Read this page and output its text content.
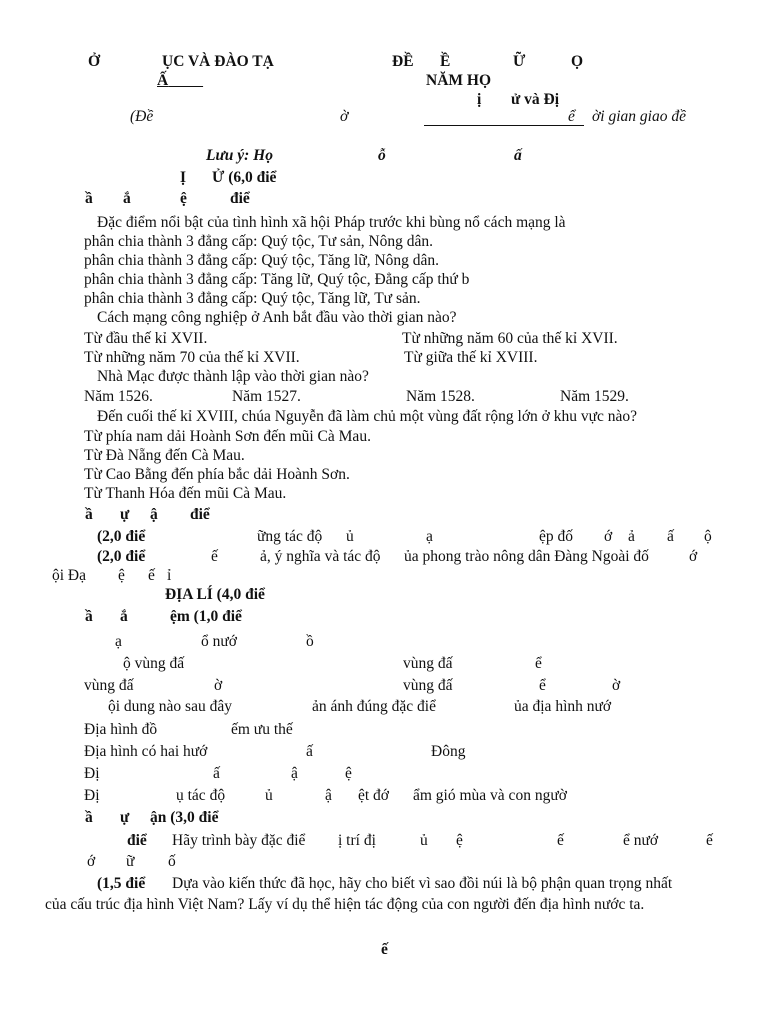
Ở	ỤC VÀ ĐÀO TẠ	ĐỀ Ề	Ữ	Ọ
Ấ	NĂM HỌ
ị ử và Đị
(Đề	ờ	ể ời gian giao đề
Lưu ý: Họ	ỗ	ấ
Ị Ử (6,0 điể
ầ ắ	ệ	điể
Đặc điểm nổi bật của tình hình xã hội Pháp trước khi bùng nổ cách mạng là
phân chia thành 3 đẳng cấp: Quý tộc, Tư sản, Nông dân.
phân chia thành 3 đẳng cấp: Quý tộc, Tăng lữ, Nông dân.
phân chia thành 3 đẳng cấp: Tăng lữ, Quý tộc, Đẳng cấp thứ b
phân chia thành 3 đẳng cấp: Quý tộc, Tăng lữ, Tư sản.
Cách mạng công nghiệp ở Anh bắt đầu vào thời gian nào?
Từ đầu thế kỉ XVII.	Từ những năm 60 của thế kỉ XVII.
Từ những năm 70 của thế kỉ XVII.	Từ giữa thế kỉ XVIII.
Nhà Mạc được thành lập vào thời gian nào?
Năm 1526.	Năm 1527.	Năm 1528.	Năm 1529.
Đến cuối thế kỉ XVIII, chúa Nguyễn đã làm chủ một vùng đất rộng lớn ở khu vực nào?
Từ phía nam dải Hoành Sơn đến mũi Cà Mau.
Từ Đà Nẵng đến Cà Mau.
Từ Cao Bằng đến phía bắc dải Hoành Sơn.
Từ Thanh Hóa đến mũi Cà Mau.
ầ ự ậ điể
(2,0 điể	ững tác độ ủ	ạ	ệp đố ớ ả ấ ộ
(2,0 điể	ế	ả, ý nghĩa và tác độ ủa phong trào nông dân Đàng Ngoài đố	ớ
ội Đạ ệ ế ỉ
ĐỊA LÍ (4,0 điể
ầ ắ	ệm (1,0 điể
ạ	ổ nướ	ồ
ộ vùng đấ	vùng đấ	ể
vùng đấ	ờ	vùng đấ	ể	ờ
ội dung nào sau đây	ản ánh đúng đặc điể	ủa địa hình nướ
Địa hình đồ	ếm ưu thế
Địa hình có hai hướ	ấ	Đông
Đị	ấ	ậ	ệ
Đị	ụ tác độ	ủ	ậ ệt đớ ẩm gió mùa và con ngườ
ầ ự ận (3,0 điể
điể Hãy trình bày đặc điể ị trí đị	ủ ệ	ế	ể nướ	ế
ớ ữ ố
(1,5 điể Dựa vào kiến thức đã học, hãy cho biết vì sao đồi núi là bộ phận quan trọng nhất
của cấu trúc địa hình Việt Nam? Lấy ví dụ thể hiện tác động của con người đến địa hình nước ta.
ế
